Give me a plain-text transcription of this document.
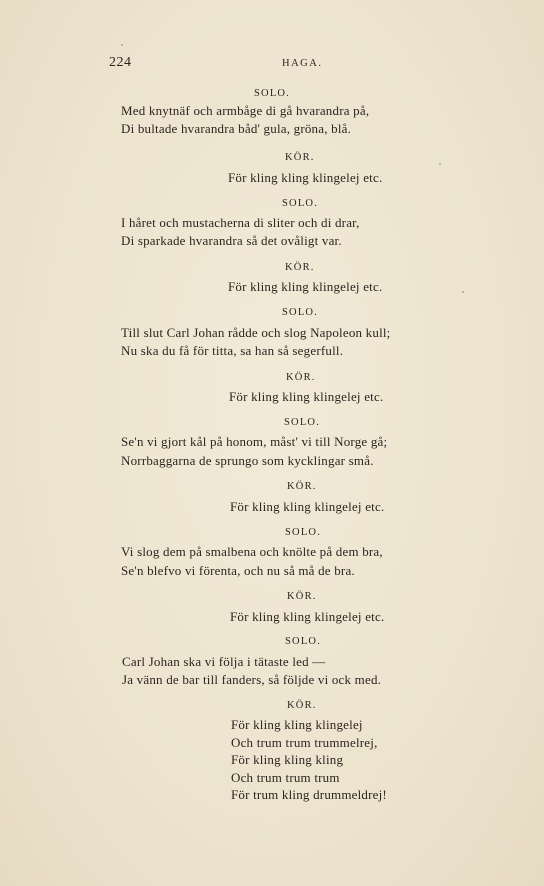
224	HAGA.
SOLO.
Med knytnäf och armbåge di gå hvarandra på,
Di bultade hvarandra båd' gula, gröna, blå.
KÖR.
För kling kling klingelej etc.
SOLO.
I håret och mustacherna di sliter och di drar,
Di sparkade hvarandra så det ovåligt var.
KÖR.
För kling kling klingelej etc.
SOLO.
Till slut Carl Johan rådde och slog Napoleon kull;
Nu ska du få för titta, sa han så segerfull.
KÖR.
För kling kling klingelej etc.
SOLO.
Se'n vi gjort kål på honom, måst' vi till Norge gå;
Norrbaggarna de sprungo som kycklingar små.
KÖR.
För kling kling klingelej etc.
SOLO.
Vi slog dem på smalbena och knölte på dem bra,
Se'n blefvo vi förenta, och nu så må de bra.
KÖR.
För kling kling klingelej etc.
SOLO.
Carl Johan ska vi följa i tätaste led —
Ja vänn de bar till fanders, så följde vi ock med.
KÖR.
För kling kling klingelej
Och trum trum trummelrej,
För kling kling kling
Och trum trum trum
För trum kling drummeldrej!
